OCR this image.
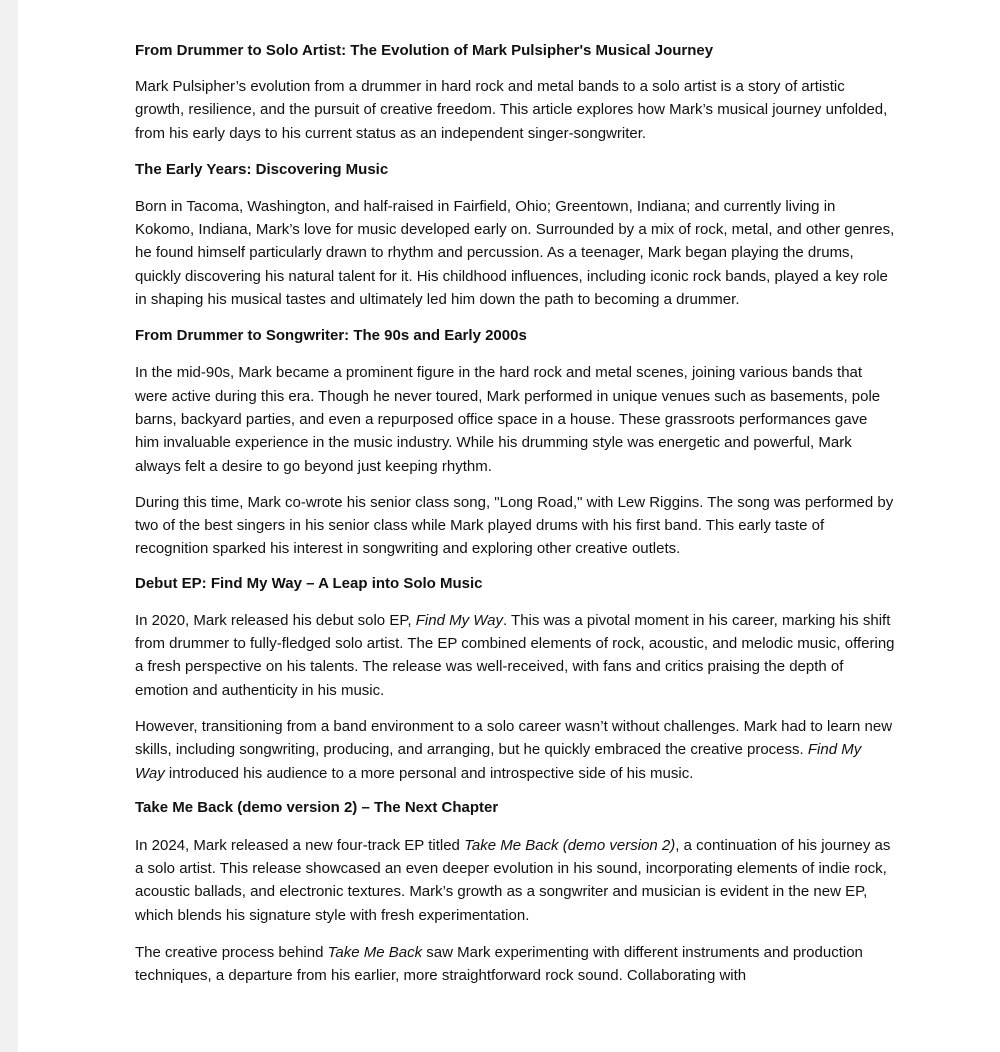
From Drummer to Solo Artist: The Evolution of Mark Pulsipher's Musical Journey
Mark Pulsipher’s evolution from a drummer in hard rock and metal bands to a solo artist is a story of artistic growth, resilience, and the pursuit of creative freedom. This article explores how Mark’s musical journey unfolded, from his early days to his current status as an independent singer-songwriter.
The Early Years: Discovering Music
Born in Tacoma, Washington, and half-raised in Fairfield, Ohio; Greentown, Indiana; and currently living in Kokomo, Indiana, Mark’s love for music developed early on. Surrounded by a mix of rock, metal, and other genres, he found himself particularly drawn to rhythm and percussion. As a teenager, Mark began playing the drums, quickly discovering his natural talent for it. His childhood influences, including iconic rock bands, played a key role in shaping his musical tastes and ultimately led him down the path to becoming a drummer.
From Drummer to Songwriter: The 90s and Early 2000s
In the mid-90s, Mark became a prominent figure in the hard rock and metal scenes, joining various bands that were active during this era. Though he never toured, Mark performed in unique venues such as basements, pole barns, backyard parties, and even a repurposed office space in a house. These grassroots performances gave him invaluable experience in the music industry. While his drumming style was energetic and powerful, Mark always felt a desire to go beyond just keeping rhythm.
During this time, Mark co-wrote his senior class song, "Long Road," with Lew Riggins. The song was performed by two of the best singers in his senior class while Mark played drums with his first band. This early taste of recognition sparked his interest in songwriting and exploring other creative outlets.
Debut EP: Find My Way – A Leap into Solo Music
In 2020, Mark released his debut solo EP, Find My Way. This was a pivotal moment in his career, marking his shift from drummer to fully-fledged solo artist. The EP combined elements of rock, acoustic, and melodic music, offering a fresh perspective on his talents. The release was well-received, with fans and critics praising the depth of emotion and authenticity in his music.
However, transitioning from a band environment to a solo career wasn’t without challenges. Mark had to learn new skills, including songwriting, producing, and arranging, but he quickly embraced the creative process. Find My Way introduced his audience to a more personal and introspective side of his music.
Take Me Back (demo version 2) – The Next Chapter
In 2024, Mark released a new four-track EP titled Take Me Back (demo version 2), a continuation of his journey as a solo artist. This release showcased an even deeper evolution in his sound, incorporating elements of indie rock, acoustic ballads, and electronic textures. Mark’s growth as a songwriter and musician is evident in the new EP, which blends his signature style with fresh experimentation.
The creative process behind Take Me Back saw Mark experimenting with different instruments and production techniques, a departure from his earlier, more straightforward rock sound. Collaborating with
